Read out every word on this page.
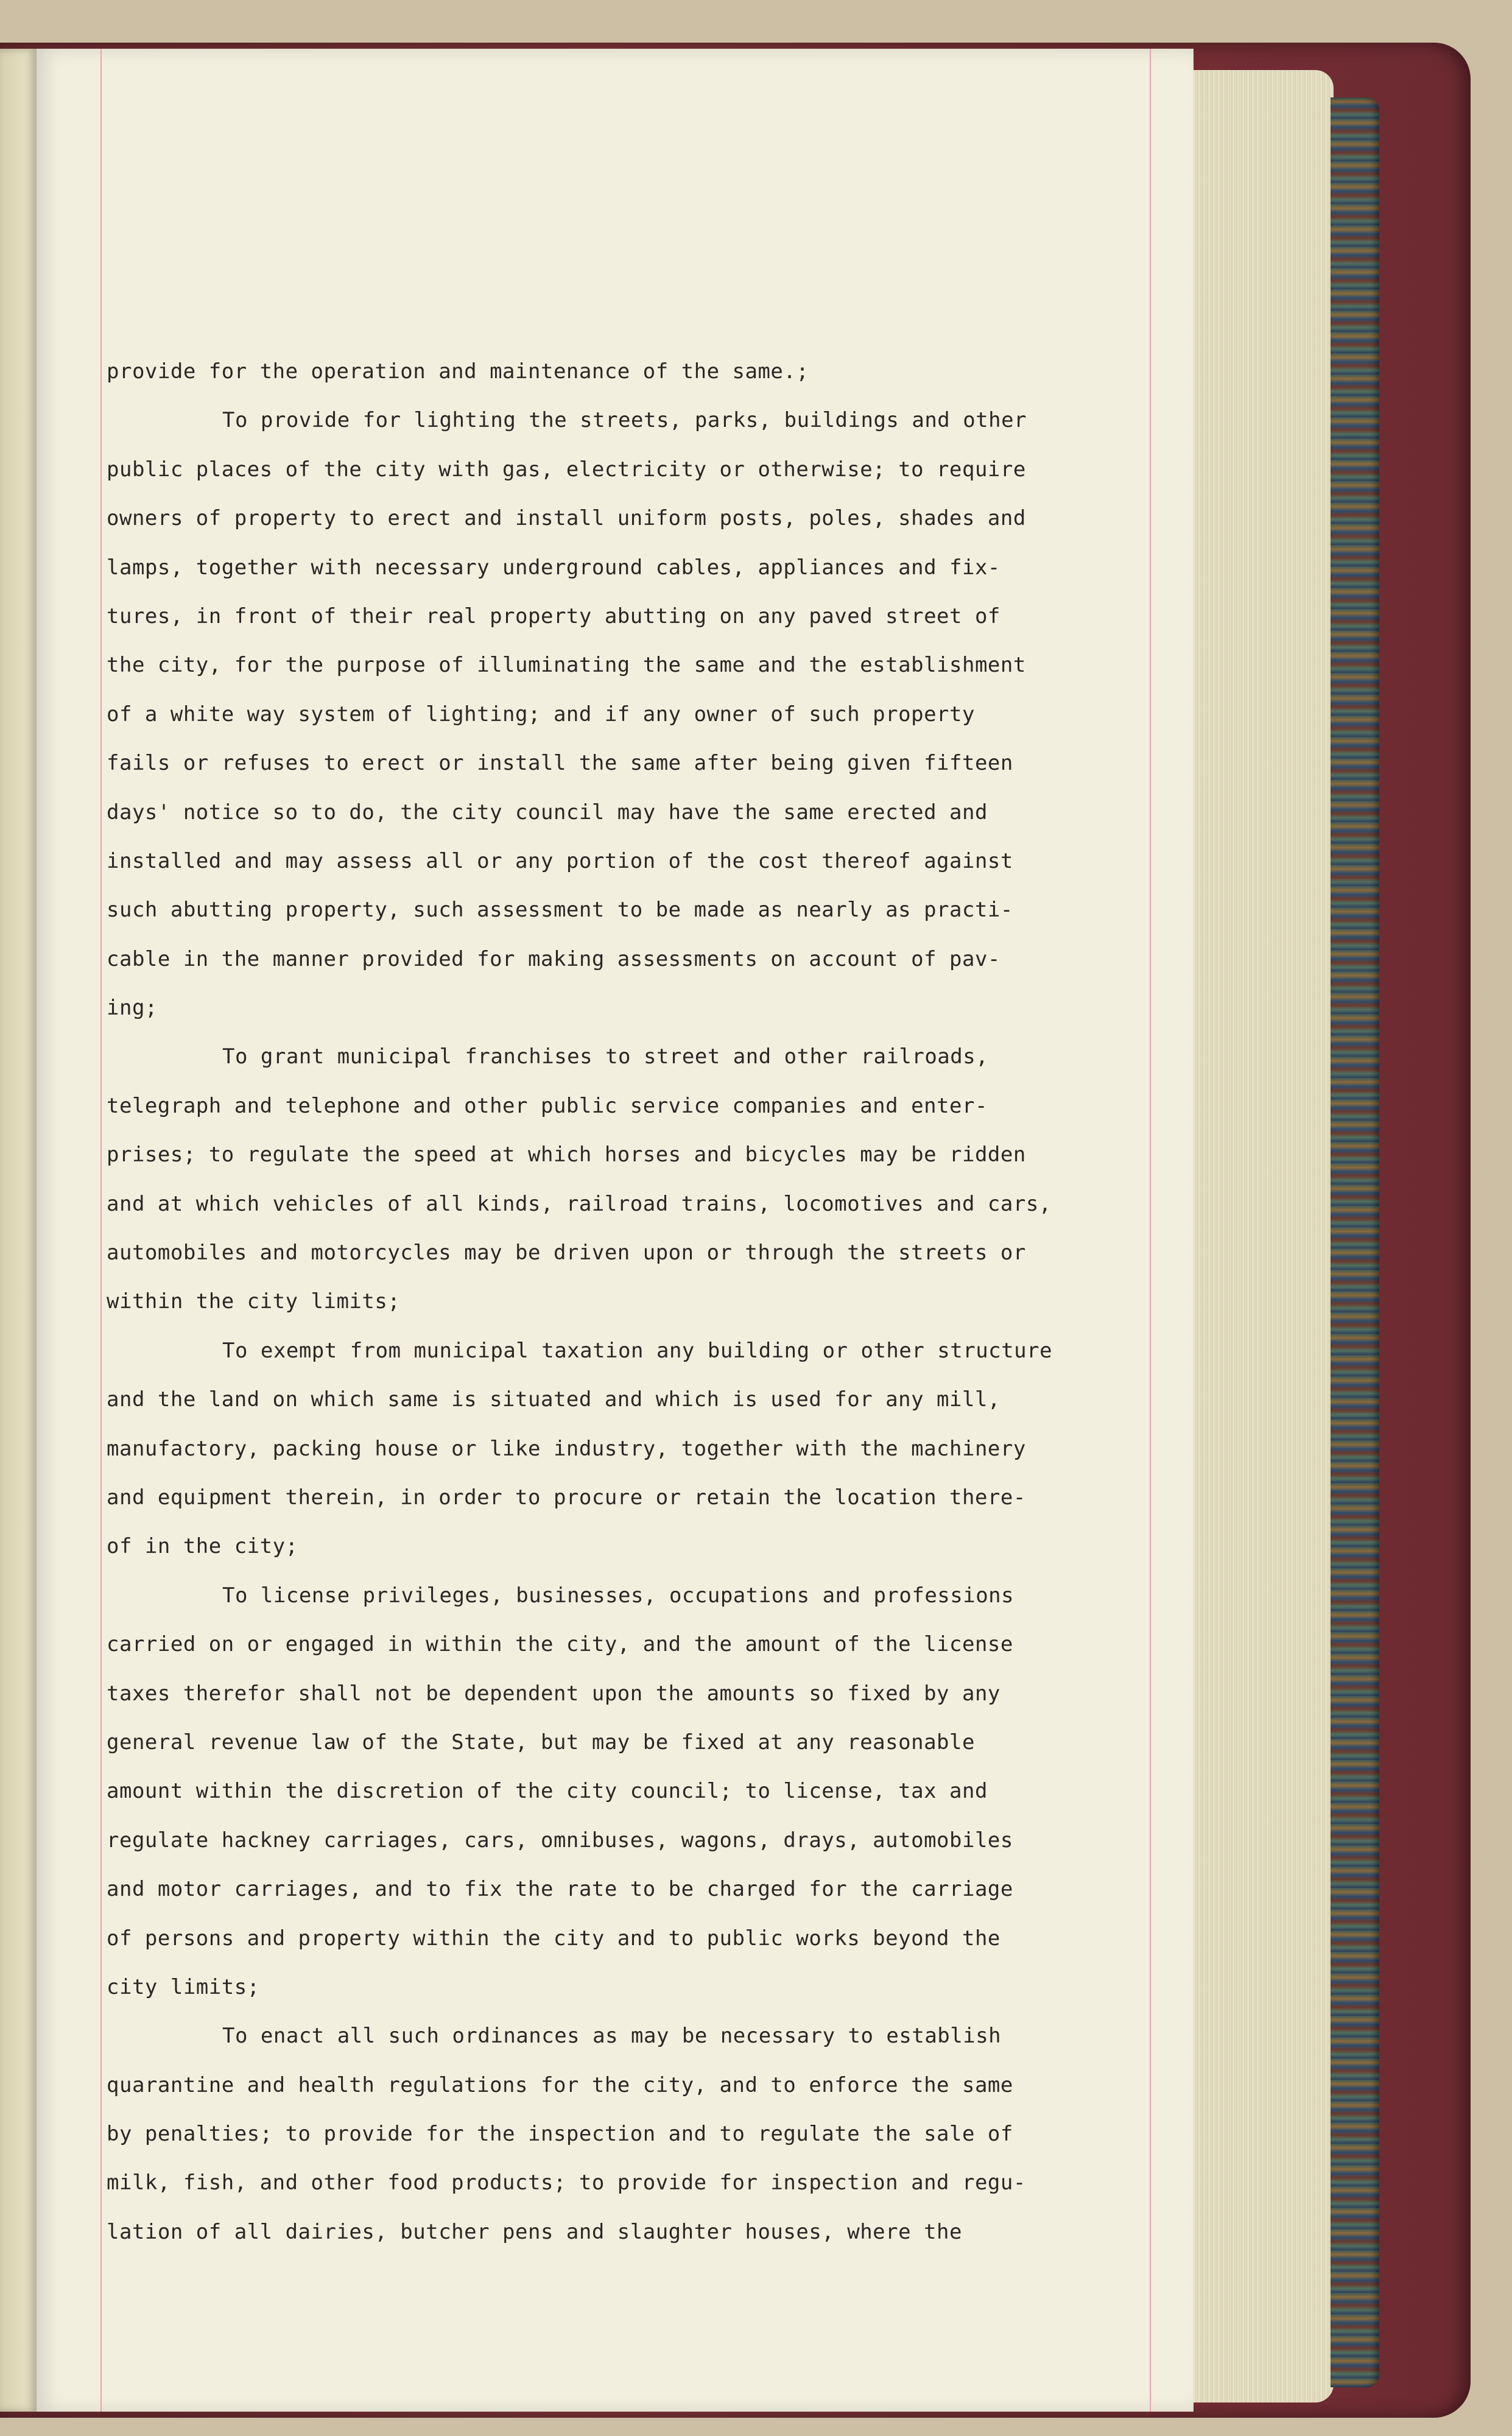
provide for the operation and maintenance of the same.;
To provide for lighting the streets, parks, buildings and other
public places of the city with gas, electricity or otherwise; to require
owners of property to erect and install uniform posts, poles, shades and
lamps, together with necessary underground cables, appliances and fix-
tures, in front of their real property abutting on any paved street of
the city, for the purpose of illuminating the same and the establishment
of a white way system of lighting; and if any owner of such property
fails or refuses to erect or install the same after being given fifteen
days' notice so to do, the city council may have the same erected and
installed and may assess all or any portion of the cost thereof against
such abutting property, such assessment to be made as nearly as practi-
cable in the manner provided for making assessments on account of pav-
ing;
To grant municipal franchises to street and other railroads,
telegraph and telephone and other public service companies and enter-
prises; to regulate the speed at which horses and bicycles may be ridden
and at which vehicles of all kinds, railroad trains, locomotives and cars,
automobiles and motorcycles may be driven upon or through the streets or
within the city limits;
To exempt from municipal taxation any building or other structure
and the land on which same is situated and which is used for any mill,
manufactory, packing house or like industry, together with the machinery
and equipment therein, in order to procure or retain the location there-
of in the city;
To license privileges, businesses, occupations and professions
carried on or engaged in within the city, and the amount of the license
taxes therefor shall not be dependent upon the amounts so fixed by any
general revenue law of the State, but may be fixed at any reasonable
amount within the discretion of the city council; to license, tax and
regulate hackney carriages, cars, omnibuses, wagons, drays, automobiles
and motor carriages, and to fix the rate to be charged for the carriage
of persons and property within the city and to public works beyond the
city limits;
To enact all such ordinances as may be necessary to establish
quarantine and health regulations for the city, and to enforce the same
by penalties; to provide for the inspection and to regulate the sale of
milk, fish, and other food products; to provide for inspection and regu-
lation of all dairies, butcher pens and slaughter houses, where the
